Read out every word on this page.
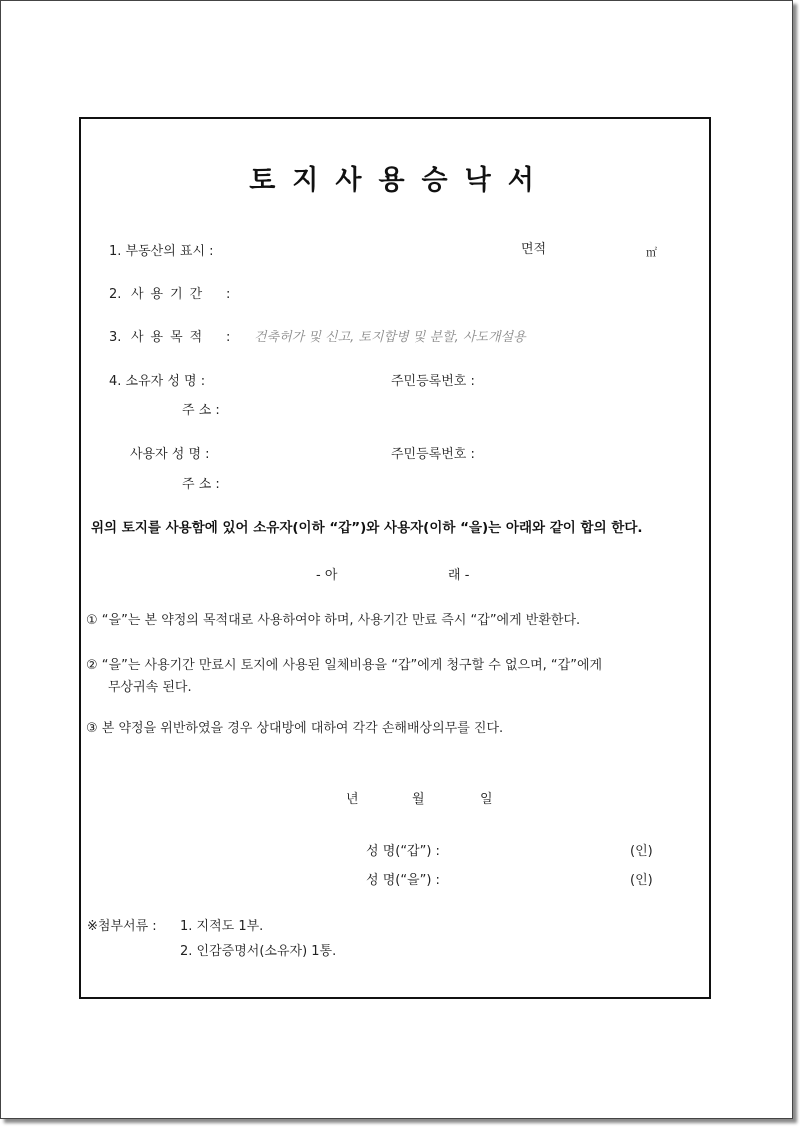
토지사용승낙서
1. 부동산의 표시 :	면적	㎡
2. 사용기간 :
3. 사용목적 : 건축허가 및 신고, 토지합병 및 분할, 사도개설용
4. 소유자 성 명 :	주민등록번호 :
주 소 :
사용자 성 명 :	주민등록번호 :
주 소 :
위의 토지를 사용함에 있어 소유자(이하 “갑”)와 사용자(이하 “을)는 아래와 같이 합의 한다.
- 아	래 -
① “을”는 본 약정의 목적대로 사용하여야 하며, 사용기간 만료 즉시 “갑”에게 반환한다.
② “을”는 사용기간 만료시 토지에 사용된 일체비용을 “갑”에게 청구할 수 없으며, “갑”에게
무상귀속 된다.
③ 본 약정을 위반하였을 경우 상대방에 대하여 각각 손해배상의무를 진다.
년	월	일
성 명(“갑”) :	(인)
성 명(“을”) :	(인)
※첨부서류 : 1. 지적도 1부.
2. 인감증명서(소유자) 1통.
